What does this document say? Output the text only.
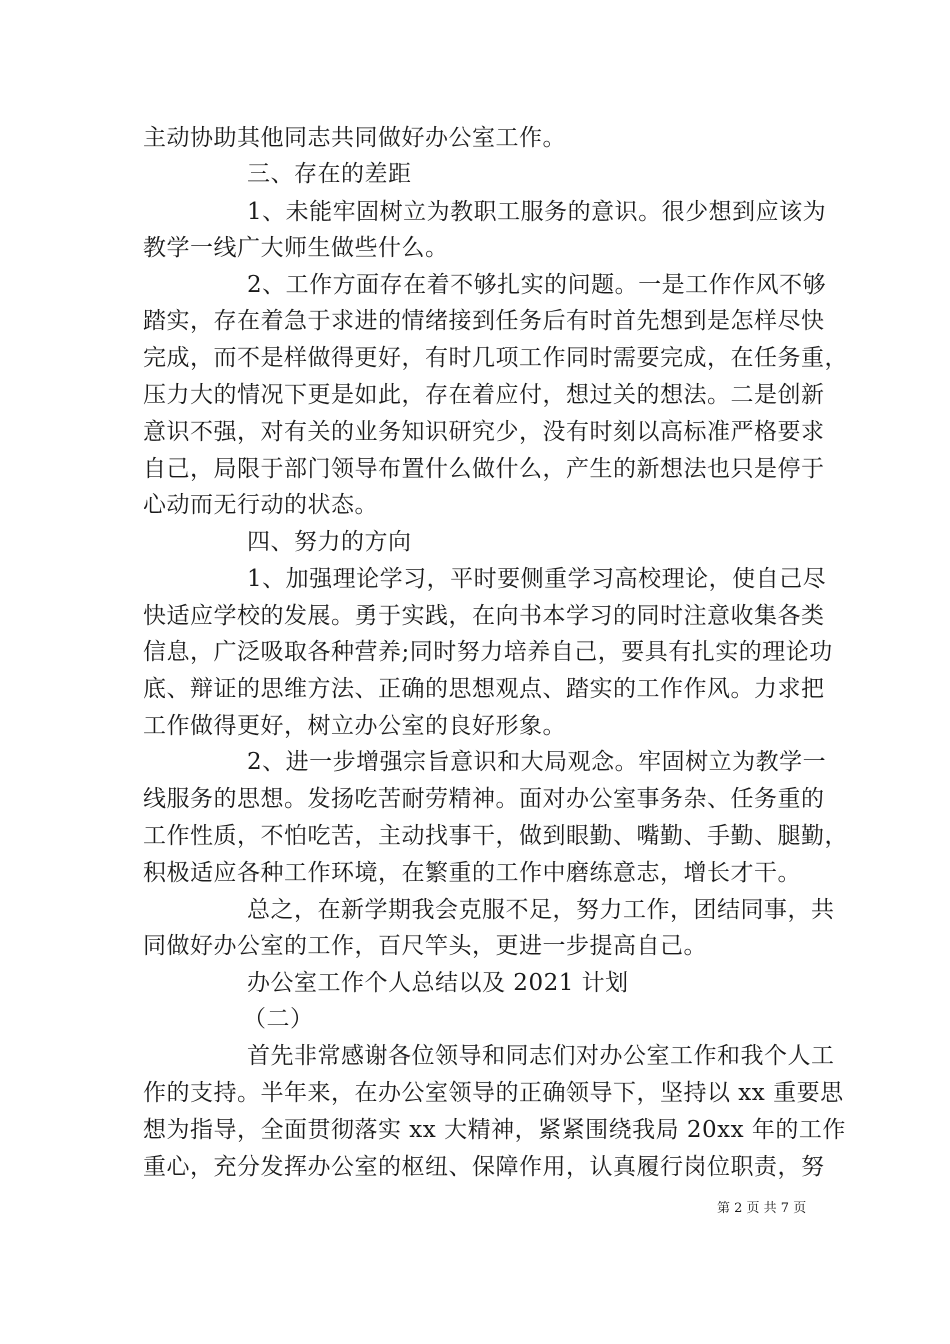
主动协助其他同志共同做好办公室工作。
三、存在的差距
1、未能牢固树立为教职工服务的意识。很少想到应该为
教学一线广大师生做些什么。
2、工作方面存在着不够扎实的问题。一是工作作风不够
踏实，存在着急于求进的情绪接到任务后有时首先想到是怎样尽快
完成，而不是样做得更好，有时几项工作同时需要完成，在任务重，
压力大的情况下更是如此，存在着应付，想过关的想法。二是创新
意识不强，对有关的业务知识研究少，没有时刻以高标准严格要求
自己，局限于部门领导布置什么做什么，产生的新想法也只是停于
心动而无行动的状态。
四、努力的方向
1、加强理论学习，平时要侧重学习高校理论，使自己尽
快适应学校的发展。勇于实践，在向书本学习的同时注意收集各类
信息，广泛吸取各种营养;同时努力培养自己，要具有扎实的理论功
底、辩证的思维方法、正确的思想观点、踏实的工作作风。力求把
工作做得更好，树立办公室的良好形象。
2、进一步增强宗旨意识和大局观念。牢固树立为教学一
线服务的思想。发扬吃苦耐劳精神。面对办公室事务杂、任务重的
工作性质，不怕吃苦，主动找事干，做到眼勤、嘴勤、手勤、腿勤，
积极适应各种工作环境，在繁重的工作中磨练意志，增长才干。
总之，在新学期我会克服不足，努力工作，团结同事，共
同做好办公室的工作，百尺竿头，更进一步提高自己。
办公室工作个人总结以及 2021 计划
（二）
首先非常感谢各位领导和同志们对办公室工作和我个人工
作的支持。半年来，在办公室领导的正确领导下，坚持以 xx 重要思
想为指导，全面贯彻落实 xx 大精神，紧紧围绕我局 20xx 年的工作
重心，充分发挥办公室的枢纽、保障作用，认真履行岗位职责，努
第 2 页 共 7 页
